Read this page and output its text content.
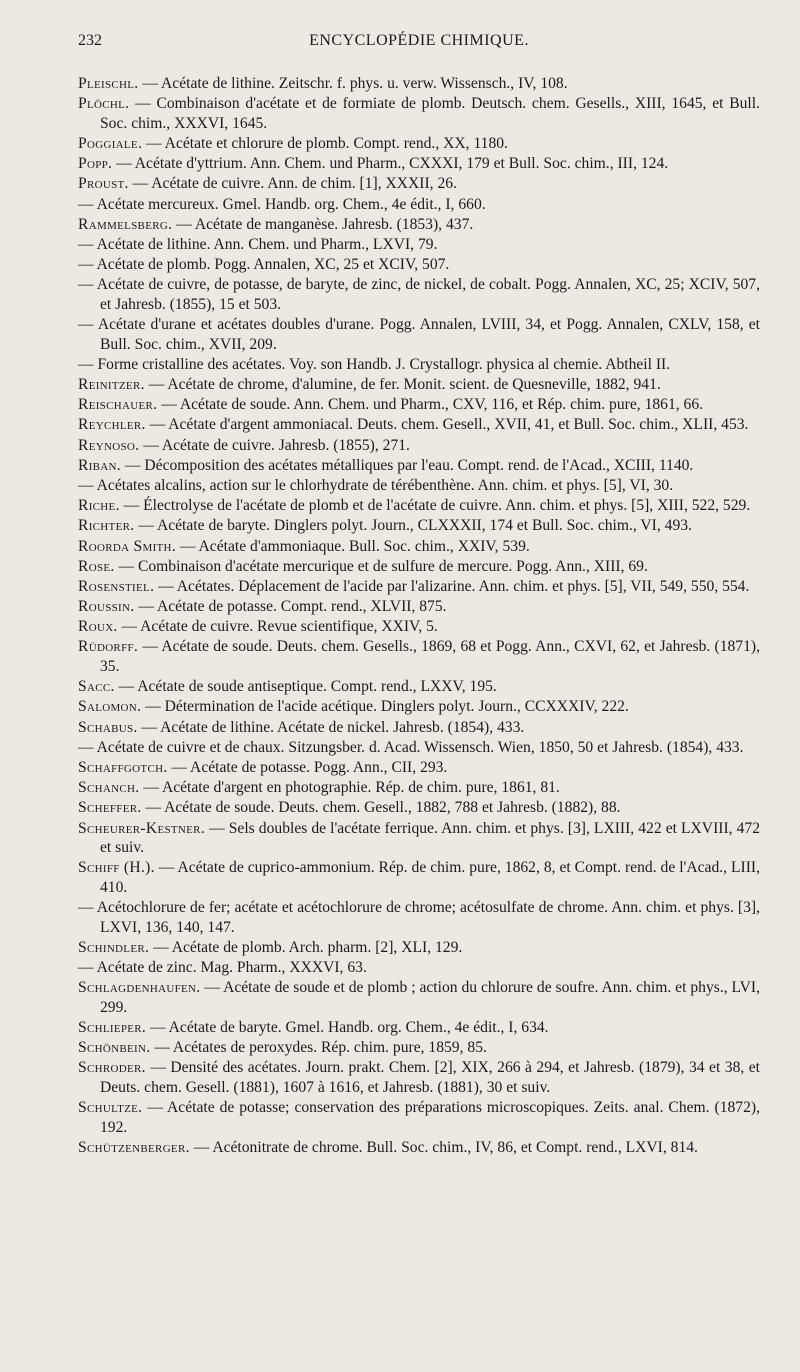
232	ENCYCLOPÉDIE CHIMIQUE.

Pleischl. — Acétate de lithine. Zeitschr. f. phys. u. verw. Wissensch., IV, 108.

Plöchl. — Combinaison d'acétate et de formiate de plomb. Deutsch. chem. Gesells., XIII, 1645, et Bull. Soc. chim., XXXVI, 1645.

Poggiale. — Acétate et chlorure de plomb. Compt. rend., XX, 1180.

Popp. — Acétate d'yttrium. Ann. Chem. und Pharm., CXXXI, 179 et Bull. Soc. chim., III, 124.

Proust. — Acétate de cuivre. Ann. de chim. [1], XXXII, 26.

— Acétate mercureux. Gmel. Handb. org. Chem., 4e édit., I, 660.

Rammelsberg. — Acétate de manganèse. Jahresb. (1853), 437.

— Acétate de lithine. Ann. Chem. und Pharm., LXVI, 79.

— Acétate de plomb. Pogg. Annalen, XC, 25 et XCIV, 507.

— Acétate de cuivre, de potasse, de baryte, de zinc, de nickel, de cobalt. Pogg. Annalen, XC, 25; XCIV, 507, et Jahresb. (1855), 15 et 503.

— Acétate d'urane et acétates doubles d'urane. Pogg. Annalen, LVIII, 34, et Pogg. Annalen, CXLV, 158, et Bull. Soc. chim., XVII, 209.

— Forme cristalline des acétates. Voy. son Handb. J. Crystallogr. physica al chemie. Abtheil II.

Reinitzer. — Acétate de chrome, d'alumine, de fer. Monit. scient. de Quesneville, 1882, 941.

Reischauer. — Acétate de soude. Ann. Chem. und Pharm., CXV, 116, et Rép. chim. pure, 1861, 66.

Reychler. — Acétate d'argent ammoniacal. Deuts. chem. Gesell., XVII, 41, et Bull. Soc. chim., XLII, 453.

Reynoso. — Acétate de cuivre. Jahresb. (1855), 271.

Riban. — Décomposition des acétates métalliques par l'eau. Compt. rend. de l'Acad., XCIII, 1140.

— Acétates alcalins, action sur le chlorhydrate de térébenthène. Ann. chim. et phys. [5], VI, 30.

Riche. — Électrolyse de l'acétate de plomb et de l'acétate de cuivre. Ann. chim. et phys. [5], XIII, 522, 529.

Richter. — Acétate de baryte. Dinglers polyt. Journ., CLXXXII, 174 et Bull. Soc. chim., VI, 493.

Roorda Smith. — Acétate d'ammoniaque. Bull. Soc. chim., XXIV, 539.

Rose. — Combinaison d'acétate mercurique et de sulfure de mercure. Pogg. Ann., XIII, 69.

Rosenstiel. — Acétates. Déplacement de l'acide par l'alizarine. Ann. chim. et phys. [5], VII, 549, 550, 554.

Roussin. — Acétate de potasse. Compt. rend., XLVII, 875.

Roux. — Acétate de cuivre. Revue scientifique, XXIV, 5.

Rüdorff. — Acétate de soude. Deuts. chem. Gesells., 1869, 68 et Pogg. Ann., CXVI, 62, et Jahresb. (1871), 35.

Sacc. — Acétate de soude antiseptique. Compt. rend., LXXV, 195.

Salomon. — Détermination de l'acide acétique. Dinglers polyt. Journ., CCXXXIV, 222.

Schabus. — Acétate de lithine. Acétate de nickel. Jahresb. (1854), 433.

— Acétate de cuivre et de chaux. Sitzungsber. d. Acad. Wissensch. Wien, 1850, 50 et Jahresb. (1854), 433.

Schaffgotch. — Acétate de potasse. Pogg. Ann., CII, 293.

Schanch. — Acétate d'argent en photographie. Rép. de chim. pure, 1861, 81.

Scheffer. — Acétate de soude. Deuts. chem. Gesell., 1882, 788 et Jahresb. (1882), 88.

Scheurer-Kestner. — Sels doubles de l'acétate ferrique. Ann. chim. et phys. [3], LXIII, 422 et LXVIII, 472 et suiv.

Schiff (H.). — Acétate de cuprico-ammonium. Rép. de chim. pure, 1862, 8, et Compt. rend. de l'Acad., LIII, 410.

— Acétochlorure de fer; acétate et acétochlorure de chrome; acétosulfate de chrome. Ann. chim. et phys. [3], LXVI, 136, 140, 147.

Schindler. — Acétate de plomb. Arch. pharm. [2], XLI, 129.

— Acétate de zinc. Mag. Pharm., XXXVI, 63.

Schlagdenhaufen. — Acétate de soude et de plomb ; action du chlorure de soufre. Ann. chim. et phys., LVI, 299.

Schlieper. — Acétate de baryte. Gmel. Handb. org. Chem., 4e édit., I, 634.

Schönbein. — Acétates de peroxydes. Rép. chim. pure, 1859, 85.

Schroder. — Densité des acétates. Journ. prakt. Chem. [2], XIX, 266 à 294, et Jahresb. (1879), 34 et 38, et Deuts. chem. Gesell. (1881), 1607 à 1616, et Jahresb. (1881), 30 et suiv.

Schultze. — Acétate de potasse; conservation des préparations microscopiques. Zeits. anal. Chem. (1872), 192.

Schützenberger. — Acétonitrate de chrome. Bull. Soc. chim., IV, 86, et Compt. rend., LXVI, 814.
